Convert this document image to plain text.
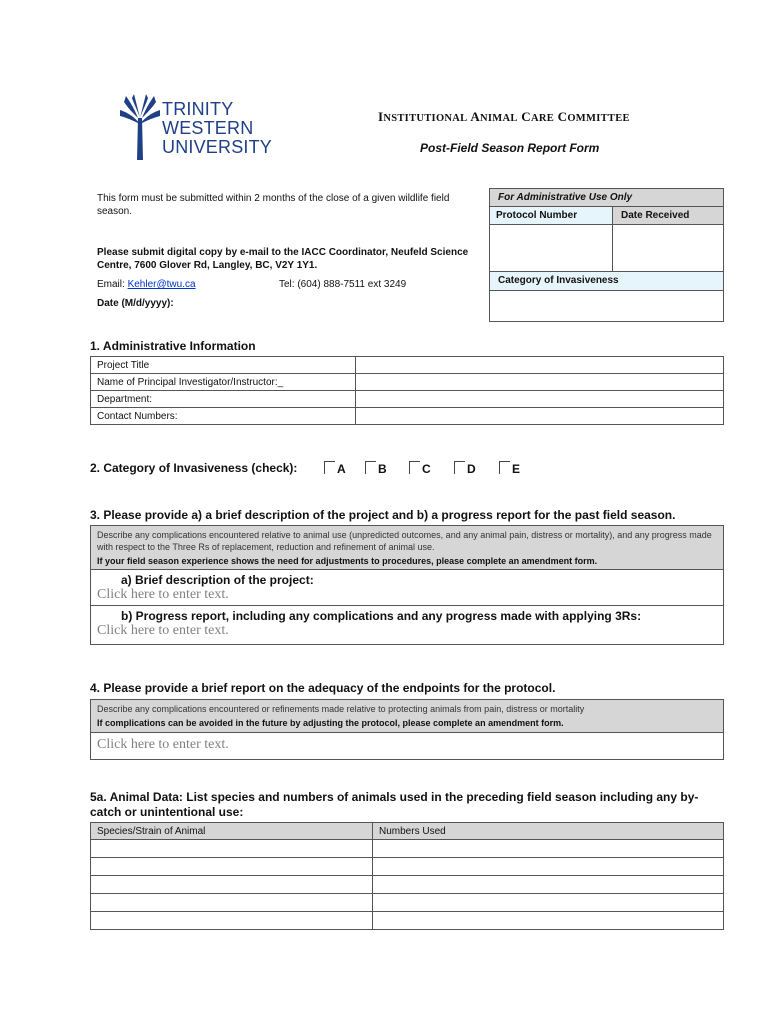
TRINITY
WESTERN
UNIVERSITY
INSTITUTIONAL ANIMAL CARE COMMITTEE
Post-Field Season Report Form
This form must be submitted within 2 months of the close of a given wildlife field season.
Please submit digital copy by e-mail to the IACC Coordinator, Neufeld Science Centre, 7600 Glover Rd, Langley, BC, V2Y 1Y1.
Email: Kehler@twu.ca	Tel: (604) 888-7511 ext 3249
Date (M/d/yyyy):
For Administrative Use Only
Protocol Number	Date Received
Category of Invasiveness
1. Administrative Information
Project Title	
Name of Principal Investigator/Instructor:_	
Department:	
Contact Numbers:	
2. Category of Invasiveness (check):	A	B	C	D	E
3. Please provide a) a brief description of the project and b) a progress report for the past field season.
Describe any complications encountered relative to animal use (unpredicted outcomes, and any animal pain, distress or mortality), and any progress made with respect to the Three Rs of replacement, reduction and refinement of animal use.
If your field season experience shows the need for adjustments to procedures, please complete an amendment form.
a) Brief description of the project:
Click here to enter text.
b) Progress report, including any complications and any progress made with applying 3Rs:
Click here to enter text.
4. Please provide a brief report on the adequacy of the endpoints for the protocol.
Describe any complications encountered or refinements made relative to protecting animals from pain, distress or mortality
If complications can be avoided in the future by adjusting the protocol, please complete an amendment form.
Click here to enter text.
5a. Animal Data: List species and numbers of animals used in the preceding field season including any by-catch or unintentional use:
Species/Strain of Animal	Numbers Used
